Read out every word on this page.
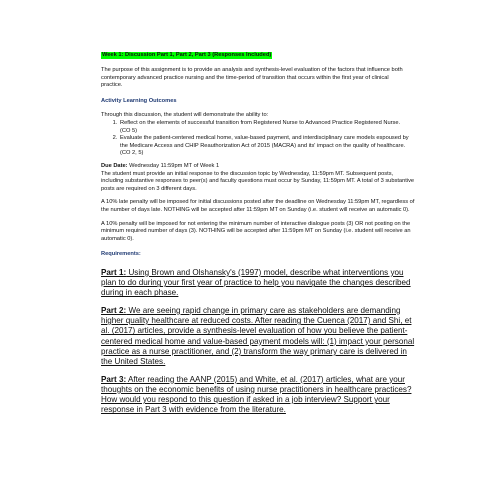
Week 1: Discussion Part 1, Part 2, Part 3 (Responses Included)

The purpose of this assignment is to provide an analysis and synthesis-level evaluation of the factors that influence both contemporary advanced practice nursing and the time-period of transition that occurs within the first year of clinical practice.

Activity Learning Outcomes

Through this discussion, the student will demonstrate the ability to:

1. Reflect on the elements of successful transition from Registered Nurse to Advanced Practice Registered Nurse. (CO 5)
2. Evaluate the patient-centered medical home, value-based payment, and interdisciplinary care models espoused by the Medicare Access and CHIP Reauthorization Act of 2015 (MACRA) and its' impact on the quality of healthcare. (CO 2, 5)

Due Date: Wednesday 11:59pm MT of Week 1
The student must provide an initial response to the discussion topic by Wednesday, 11:59pm MT. Subsequent posts, including substantive responses to peer(s) and faculty questions must occur by Sunday, 11:59pm MT. A total of 3 substantive posts are required on 3 different days.

A 10% late penalty will be imposed for initial discussions posted after the deadline on Wednesday 11:59pm MT, regardless of the number of days late. NOTHING will be accepted after 11:59pm MT on Sunday (i.e. student will receive an automatic 0).

A 10% penalty will be imposed for not entering the minimum number of interactive dialogue posts (3) OR not posting on the minimum required number of days (3). NOTHING will be accepted after 11:59pm MT on Sunday (i.e. student will receive an automatic 0).

Requirements:

Part 1: Using Brown and Olshansky's (1997) model, describe what interventions you plan to do during your first year of practice to help you navigate the changes described during in each phase.

Part 2: We are seeing rapid change in primary care as stakeholders are demanding higher quality healthcare at reduced costs. After reading the Cuenca (2017) and Shi, et al. (2017) articles, provide a synthesis-level evaluation of how you believe the patient-centered medical home and value-based payment models will: (1) impact your personal practice as a nurse practitioner, and (2) transform the way primary care is delivered in the United States.

Part 3: After reading the AANP (2015) and White, et al. (2017) articles, what are your thoughts on the economic benefits of using nurse practitioners in healthcare practices? How would you respond to this question if asked in a job interview? Support your response in Part 3 with evidence from the literature.
